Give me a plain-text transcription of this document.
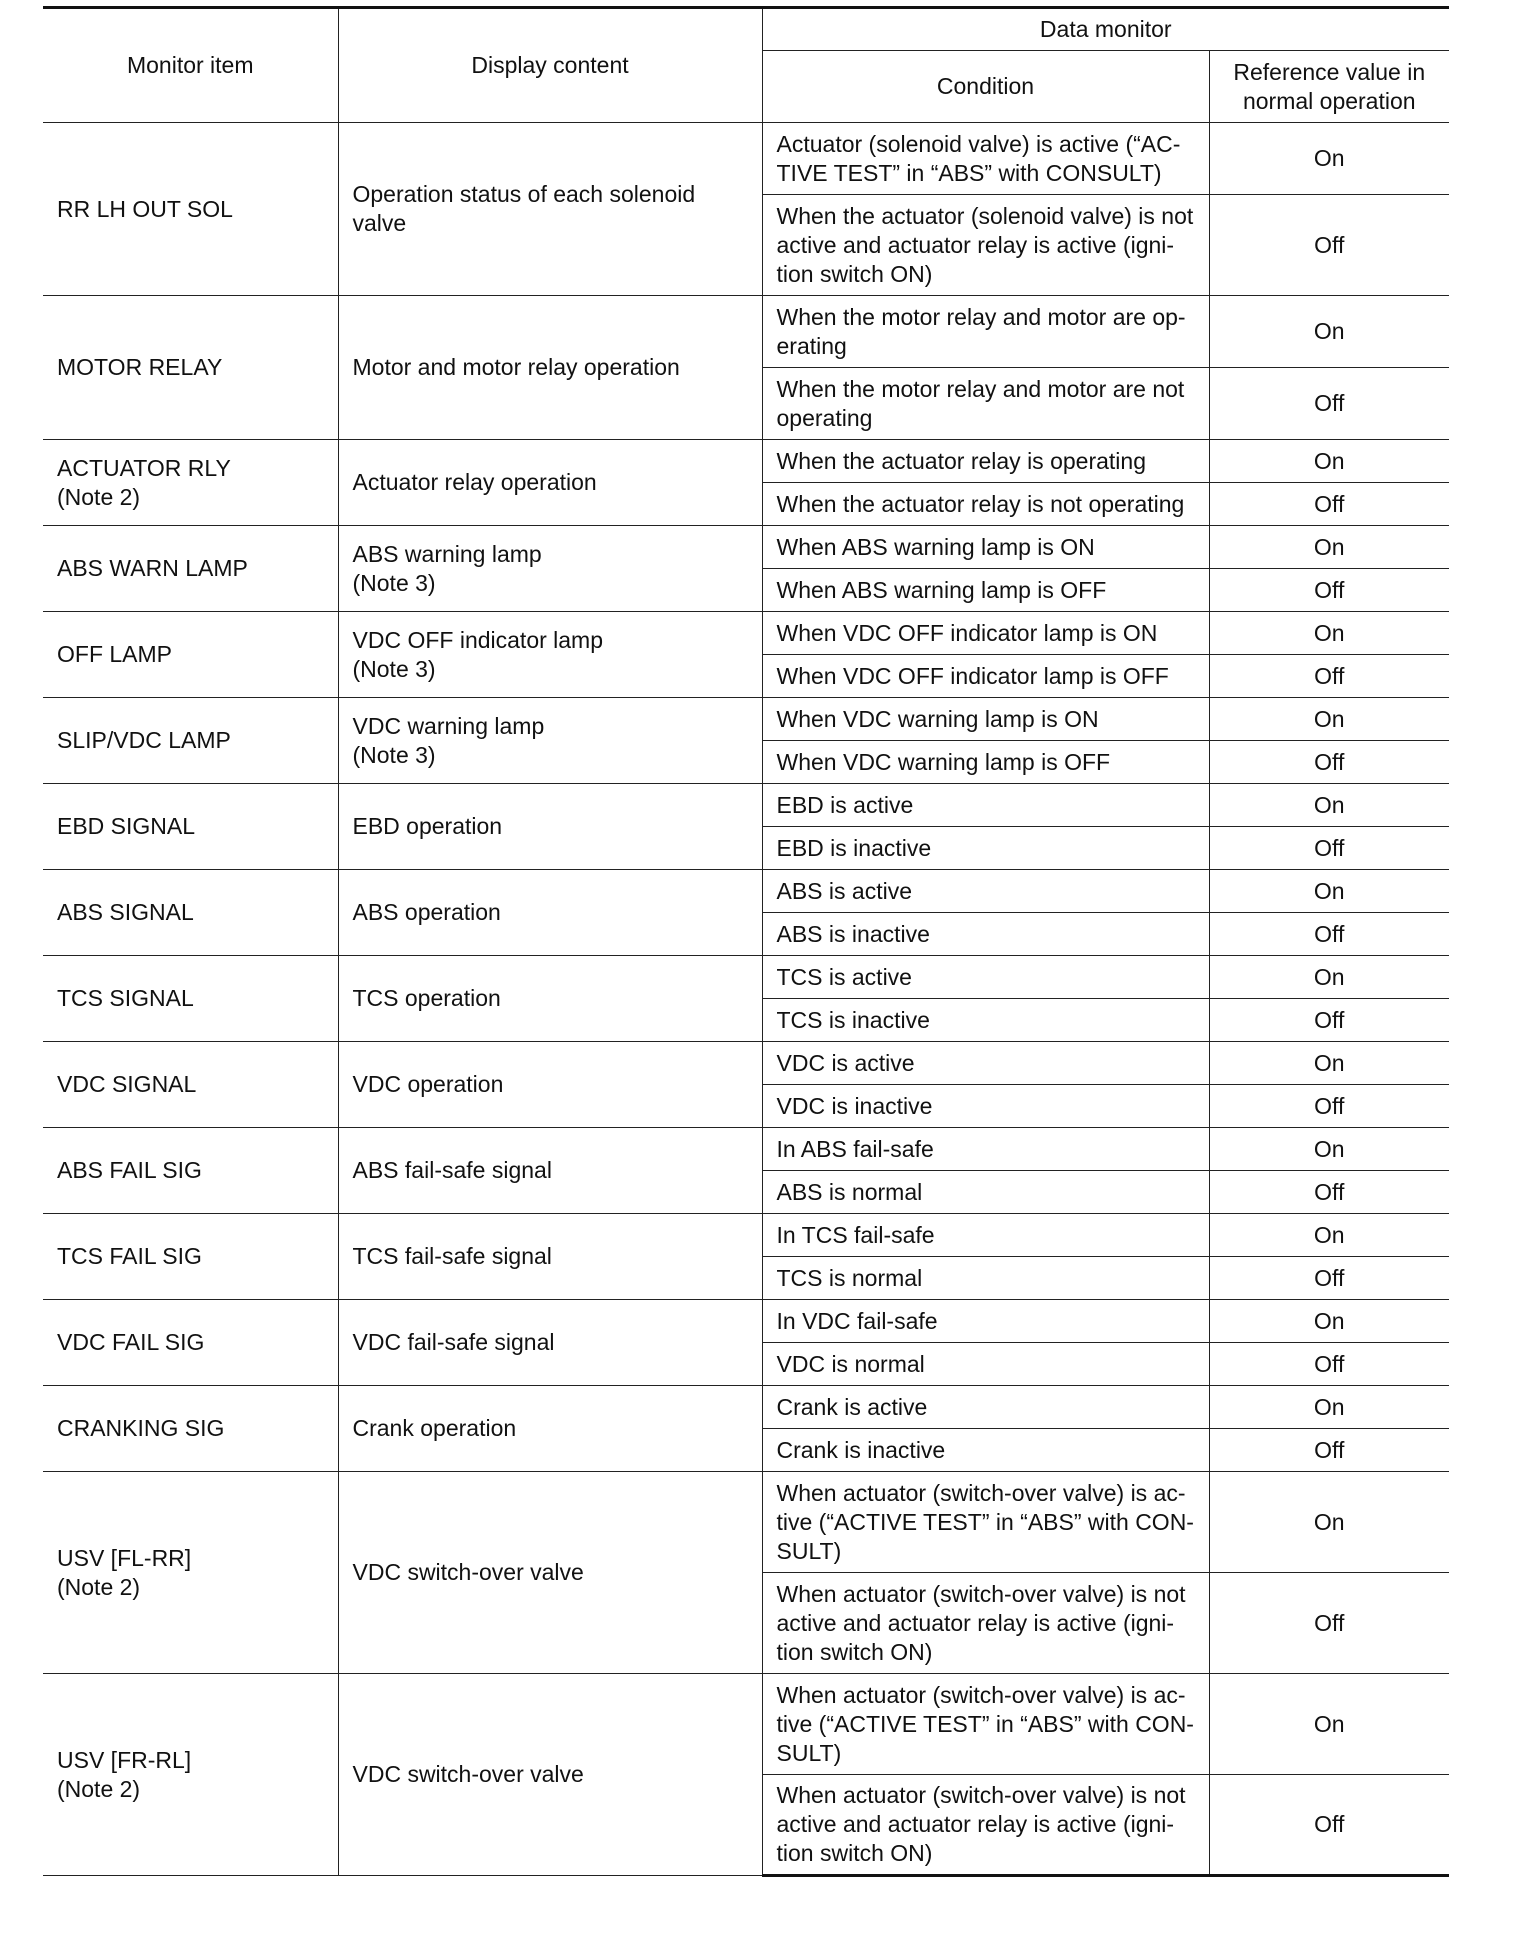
Monitor item	Display content	Data monitor	
		Condition	Reference value in
normal operation

RR LH OUT SOL	Operation status of each solenoid
valve	Actuator (solenoid valve) is active (“AC-
TIVE TEST” in “ABS” with CONSULT)	On

		When the actuator (solenoid valve) is not
active and actuator relay is active (igni-
tion switch ON)	Off

MOTOR RELAY	Motor and motor relay operation	When the motor relay and motor are op-
erating	On

		When the motor relay and motor are not
operating	Off

ACTUATOR RLY
(Note 2)	Actuator relay operation	When the actuator relay is operating	On

		When the actuator relay is not operating	Off

ABS WARN LAMP	ABS warning lamp
(Note 3)	When ABS warning lamp is ON	On

		When ABS warning lamp is OFF	Off

OFF LAMP	VDC OFF indicator lamp
(Note 3)	When VDC OFF indicator lamp is ON	On

		When VDC OFF indicator lamp is OFF	Off

SLIP/VDC LAMP	VDC warning lamp
(Note 3)	When VDC warning lamp is ON	On

		When VDC warning lamp is OFF	Off

EBD SIGNAL	EBD operation	EBD is active	On

		EBD is inactive	Off

ABS SIGNAL	ABS operation	ABS is active	On

		ABS is inactive	Off

TCS SIGNAL	TCS operation	TCS is active	On

		TCS is inactive	Off

VDC SIGNAL	VDC operation	VDC is active	On

		VDC is inactive	Off

ABS FAIL SIG	ABS fail-safe signal	In ABS fail-safe	On

		ABS is normal	Off

TCS FAIL SIG	TCS fail-safe signal	In TCS fail-safe	On

		TCS is normal	Off

VDC FAIL SIG	VDC fail-safe signal	In VDC fail-safe	On

		VDC is normal	Off

CRANKING SIG	Crank operation	Crank is active	On

		Crank is inactive	Off

USV [FL-RR]
(Note 2)	VDC switch-over valve	When actuator (switch-over valve) is ac-
tive (“ACTIVE TEST” in “ABS” with CON-
SULT)	On

		When actuator (switch-over valve) is not
active and actuator relay is active (igni-
tion switch ON)	Off

USV [FR-RL]
(Note 2)	VDC switch-over valve	When actuator (switch-over valve) is ac-
tive (“ACTIVE TEST” in “ABS” with CON-
SULT)	On

		When actuator (switch-over valve) is not
active and actuator relay is active (igni-
tion switch ON)	Off
